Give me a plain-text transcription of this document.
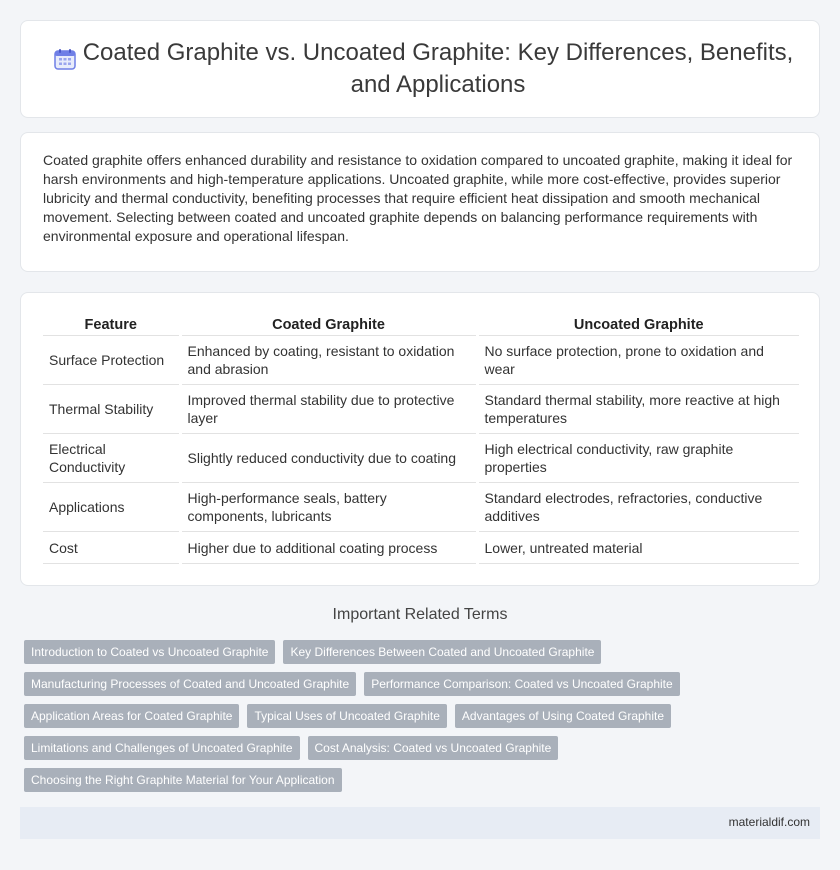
Coated Graphite vs. Uncoated Graphite: Key Differences, Benefits, and Applications

Coated graphite offers enhanced durability and resistance to oxidation compared to uncoated graphite, making it ideal for harsh environments and high-temperature applications. Uncoated graphite, while more cost-effective, provides superior lubricity and thermal conductivity, benefiting processes that require efficient heat dissipation and smooth mechanical movement. Selecting between coated and uncoated graphite depends on balancing performance requirements with environmental exposure and operational lifespan.

Feature	Coated Graphite	Uncoated Graphite
Surface Protection	Enhanced by coating, resistant to oxidation and abrasion	No surface protection, prone to oxidation and wear
Thermal Stability	Improved thermal stability due to protective layer	Standard thermal stability, more reactive at high temperatures
Electrical Conductivity	Slightly reduced conductivity due to coating	High electrical conductivity, raw graphite properties
Applications	High-performance seals, battery components, lubricants	Standard electrodes, refractories, conductive additives
Cost	Higher due to additional coating process	Lower, untreated material
Important Related Terms
Introduction to Coated vs Uncoated Graphite	Key Differences Between Coated and Uncoated Graphite
Manufacturing Processes of Coated and Uncoated Graphite	Performance Comparison: Coated vs Uncoated Graphite
Application Areas for Coated Graphite	Typical Uses of Uncoated Graphite	Advantages of Using Coated Graphite
Limitations and Challenges of Uncoated Graphite	Cost Analysis: Coated vs Uncoated Graphite
Choosing the Right Graphite Material for Your Application
materialdif.com
